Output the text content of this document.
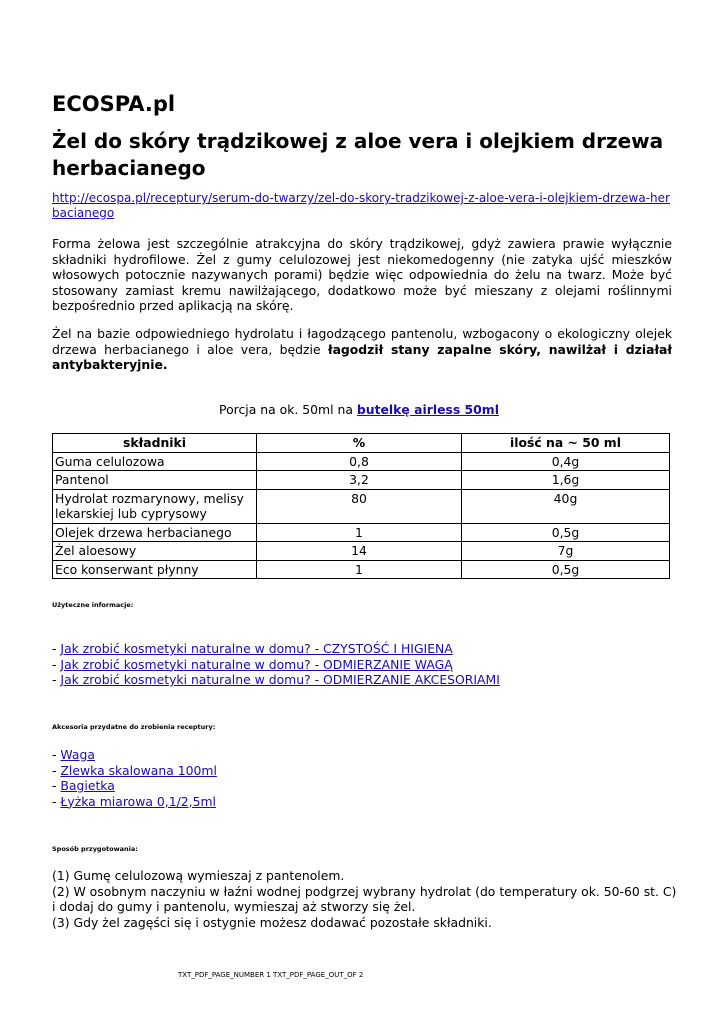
ECOSPA.pl
Żel do skóry trądzikowej z aloe vera i olejkiem drzewa herbacianego
http://ecospa.pl/receptury/serum-do-twarzy/zel-do-skory-tradzikowej-z-aloe-vera-i-olejkiem-drzewa-herbacianego

Forma żelowa jest szczególnie atrakcyjna do skóry trądzikowej, gdyż zawiera prawie wyłącznie składniki hydrofilowe. Żel z gumy celulozowej jest niekomedogenny (nie zatyka ujść mieszków włosowych potocznie nazywanych porami) będzie więc odpowiednia do żelu na twarz. Może być stosowany zamiast kremu nawilżającego, dodatkowo może być mieszany z olejami roślinnymi bezpośrednio przed aplikacją na skórę.

Żel na bazie odpowiedniego hydrolatu i łagodzącego pantenolu, wzbogacony o ekologiczny olejek drzewa herbacianego i aloe vera, będzie łagodził stany zapalne skóry, nawilżał i działał antybakteryjnie.

Porcja na ok. 50ml na butelkę airless 50ml
składniki	%	ilość na ~ 50 ml
Guma celulozowa	0,8	0,4g
Pantenol	3,2	1,6g
Hydrolat rozmarynowy, melisy lekarskiej lub cyprysowy	80	40g
Olejek drzewa herbacianego	1	0,5g
Żel aloesowy	14	7g
Eco konserwant płynny	1	0,5g
Użyteczne informacje:
- Jak zrobić kosmetyki naturalne w domu? - CZYSTOŚĆ I HIGIENA
- Jak zrobić kosmetyki naturalne w domu? - ODMIERZANIE WAGĄ
- Jak zrobić kosmetyki naturalne w domu? - ODMIERZANIE AKCESORIAMI
Akcesoria przydatne do zrobienia receptury:
- Waga
- Zlewka skalowana 100ml
- Bagietka
- Łyżka miarowa 0,1/2,5ml
Sposób przygotowania:
(1) Gumę celulozową wymieszaj z pantenolem.
(2) W osobnym naczyniu w łaźni wodnej podgrzej wybrany hydrolat (do temperatury ok. 50-60 st. C) i dodaj do gumy i pantenolu, wymieszaj aż stworzy się żel.
(3) Gdy żel zagęści się i ostygnie możesz dodawać pozostałe składniki.
TXT_PDF_PAGE_NUMBER 1 TXT_PDF_PAGE_OUT_OF 2
